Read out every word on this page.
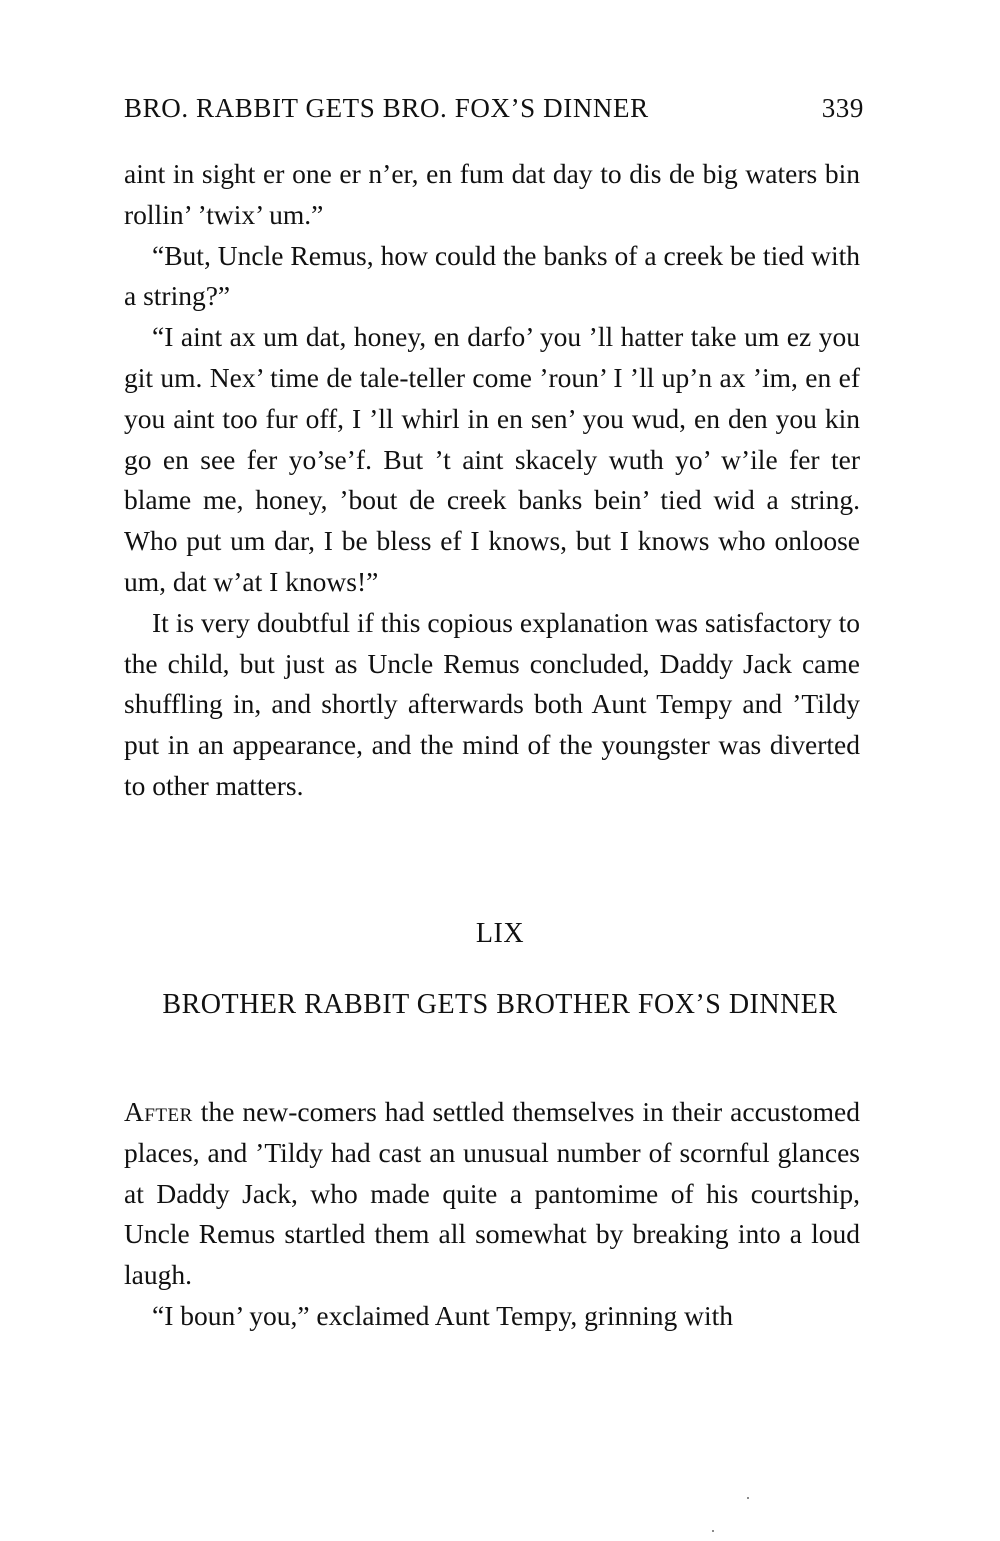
BRO. RABBIT GETS BRO. FOX’S DINNER	339

aint in sight er one er n’er, en fum dat day to dis de big waters bin rollin’ ’twix’ um.”

“But, Uncle Remus, how could the banks of a creek be tied with a string?”

“I aint ax um dat, honey, en darfo’ you ’ll hatter take um ez you git um. Nex’ time de tale-teller come ’roun’ I ’ll up’n ax ’im, en ef you aint too fur off, I ’ll whirl in en sen’ you wud, en den you kin go en see fer yo’se’f. But ’t aint skacely wuth yo’ w’ile fer ter blame me, honey, ’bout de creek banks bein’ tied wid a string. Who put um dar, I be bless ef I knows, but I knows who onloose um, dat w’at I knows!”

It is very doubtful if this copious explanation was satisfactory to the child, but just as Uncle Remus concluded, Daddy Jack came shuffling in, and shortly afterwards both Aunt Tempy and ’Tildy put in an appearance, and the mind of the youngster was diverted to other matters.

LIX
BROTHER RABBIT GETS BROTHER FOX’S DINNER

After the new-comers had settled themselves in their accustomed places, and ’Tildy had cast an unusual number of scornful glances at Daddy Jack, who made quite a pantomime of his courtship, Uncle Remus startled them all somewhat by breaking into a loud laugh.

“I boun’ you,” exclaimed Aunt Tempy, grinning with
